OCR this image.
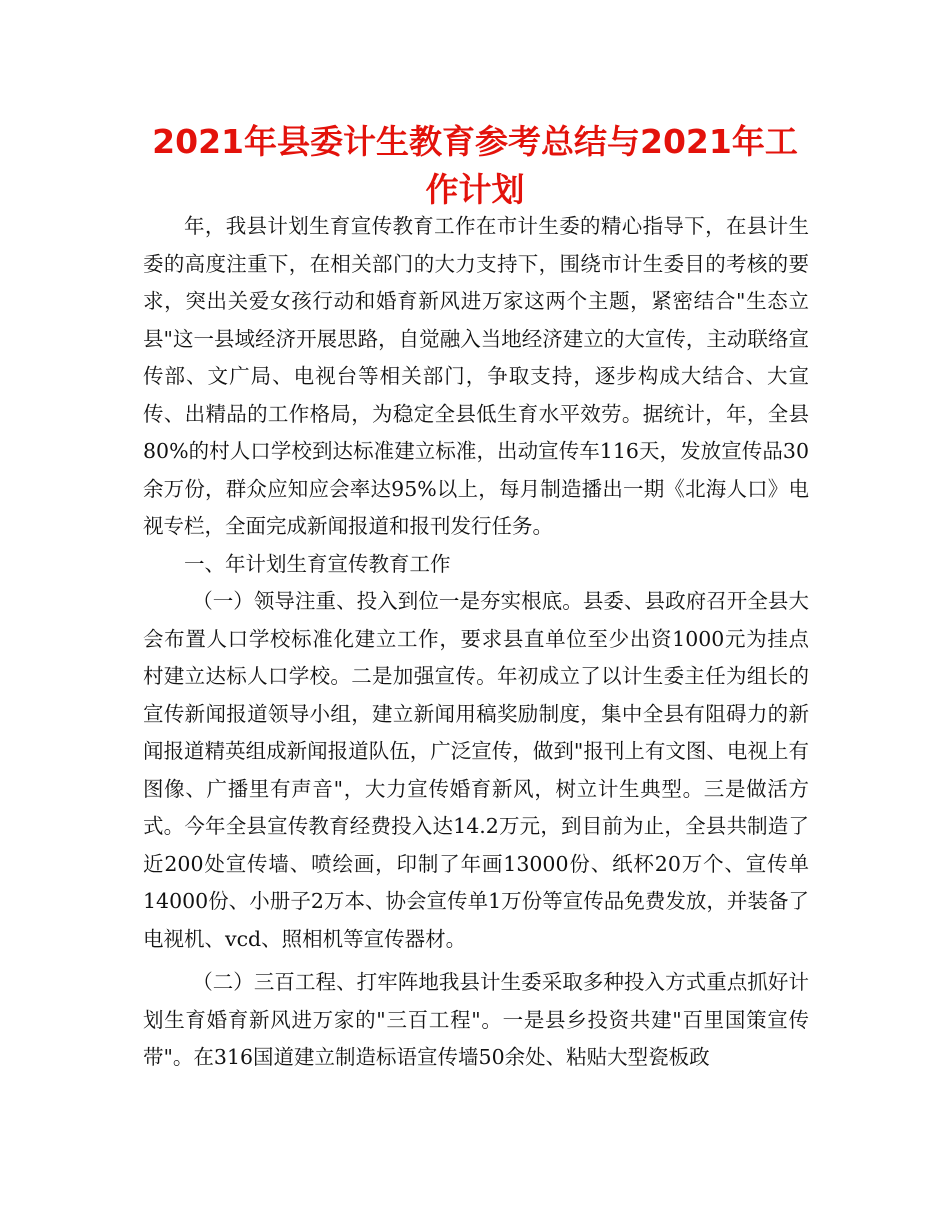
2021年县委计生教育参考总结与2021年工作计划

年，我县计划生育宣传教育工作在市计生委的精心指导下，在县计生委的高度注重下，在相关部门的大力支持下，围绕市计生委目的考核的要求，突出关爱女孩行动和婚育新风进万家这两个主题，紧密结合"生态立县"这一县域经济开展思路，自觉融入当地经济建立的大宣传，主动联络宣传部、文广局、电视台等相关部门，争取支持，逐步构成大结合、大宣传、出精品的工作格局，为稳定全县低生育水平效劳。据统计，年，全县80%的村人口学校到达标准建立标准，出动宣传车116天，发放宣传品30余万份，群众应知应会率达95%以上，每月制造播出一期《北海人口》电视专栏，全面完成新闻报道和报刊发行任务。

一、年计划生育宣传教育工作

（一）领导注重、投入到位一是夯实根底。县委、县政府召开全县大会布置人口学校标准化建立工作，要求县直单位至少出资1000元为挂点村建立达标人口学校。二是加强宣传。年初成立了以计生委主任为组长的宣传新闻报道领导小组，建立新闻用稿奖励制度，集中全县有阻碍力的新闻报道精英组成新闻报道队伍，广泛宣传，做到"报刊上有文图、电视上有图像、广播里有声音"，大力宣传婚育新风，树立计生典型。三是做活方式。今年全县宣传教育经费投入达14.2万元，到目前为止，全县共制造了近200处宣传墙、喷绘画，印制了年画13000份、纸杯20万个、宣传单14000份、小册子2万本、协会宣传单1万份等宣传品免费发放，并装备了电视机、vcd、照相机等宣传器材。

（二）三百工程、打牢阵地我县计生委采取多种投入方式重点抓好计划生育婚育新风进万家的"三百工程"。一是县乡投资共建"百里国策宣传带"。在316国道建立制造标语宣传墙50余处、粘贴大型瓷板政
